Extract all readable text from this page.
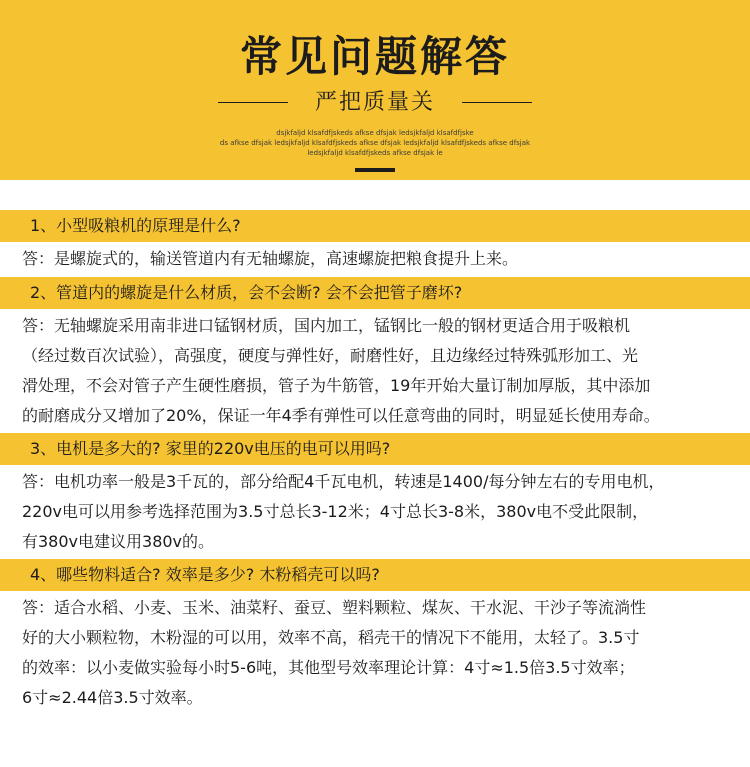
常见问题解答
严把质量关
dsjkfaljd klsafdfjskeds afkse dfsjak ledsjkfaljd klsafdfjske
ds afkse dfsjak ledsjkfaljd klsafdfjskeds afkse dfsjak ledsjkfaljd klsafdfjskeds afkse dfsjak
ledsjkfaljd klsafdfjskeds afkse dfsjak le
1、小型吸粮机的原理是什么?
答：是螺旋式的，输送管道内有无轴螺旋，高速螺旋把粮食提升上来。
2、管道内的螺旋是什么材质，会不会断? 会不会把管子磨坏?
答：无轴螺旋采用南非进口锰钢材质，国内加工，锰钢比一般的钢材更适合用于吸粮机
（经过数百次试验），高强度，硬度与弹性好，耐磨性好，且边缘经过特殊弧形加工、光
滑处理，不会对管子产生硬性磨损，管子为牛筋管，19年开始大量订制加厚版，其中添加
的耐磨成分又增加了20%，保证一年4季有弹性可以任意弯曲的同时，明显延长使用寿命。
3、电机是多大的? 家里的220v电压的电可以用吗?
答：电机功率一般是3千瓦的，部分给配4千瓦电机，转速是1400/每分钟左右的专用电机，
220v电可以用参考选择范围为3.5寸总长3-12米；4寸总长3-8米，380v电不受此限制，
有380v电建议用380v的。
4、哪些物料适合? 效率是多少? 木粉稻壳可以吗?
答：适合水稻、小麦、玉米、油菜籽、蚕豆、塑料颗粒、煤灰、干水泥、干沙子等流淌性
好的大小颗粒物，木粉湿的可以用，效率不高，稻壳干的情况下不能用，太轻了。3.5寸
的效率：以小麦做实验每小时5-6吨，其他型号效率理论计算：4寸≈1.5倍3.5寸效率；
6寸≈2.44倍3.5寸效率。
